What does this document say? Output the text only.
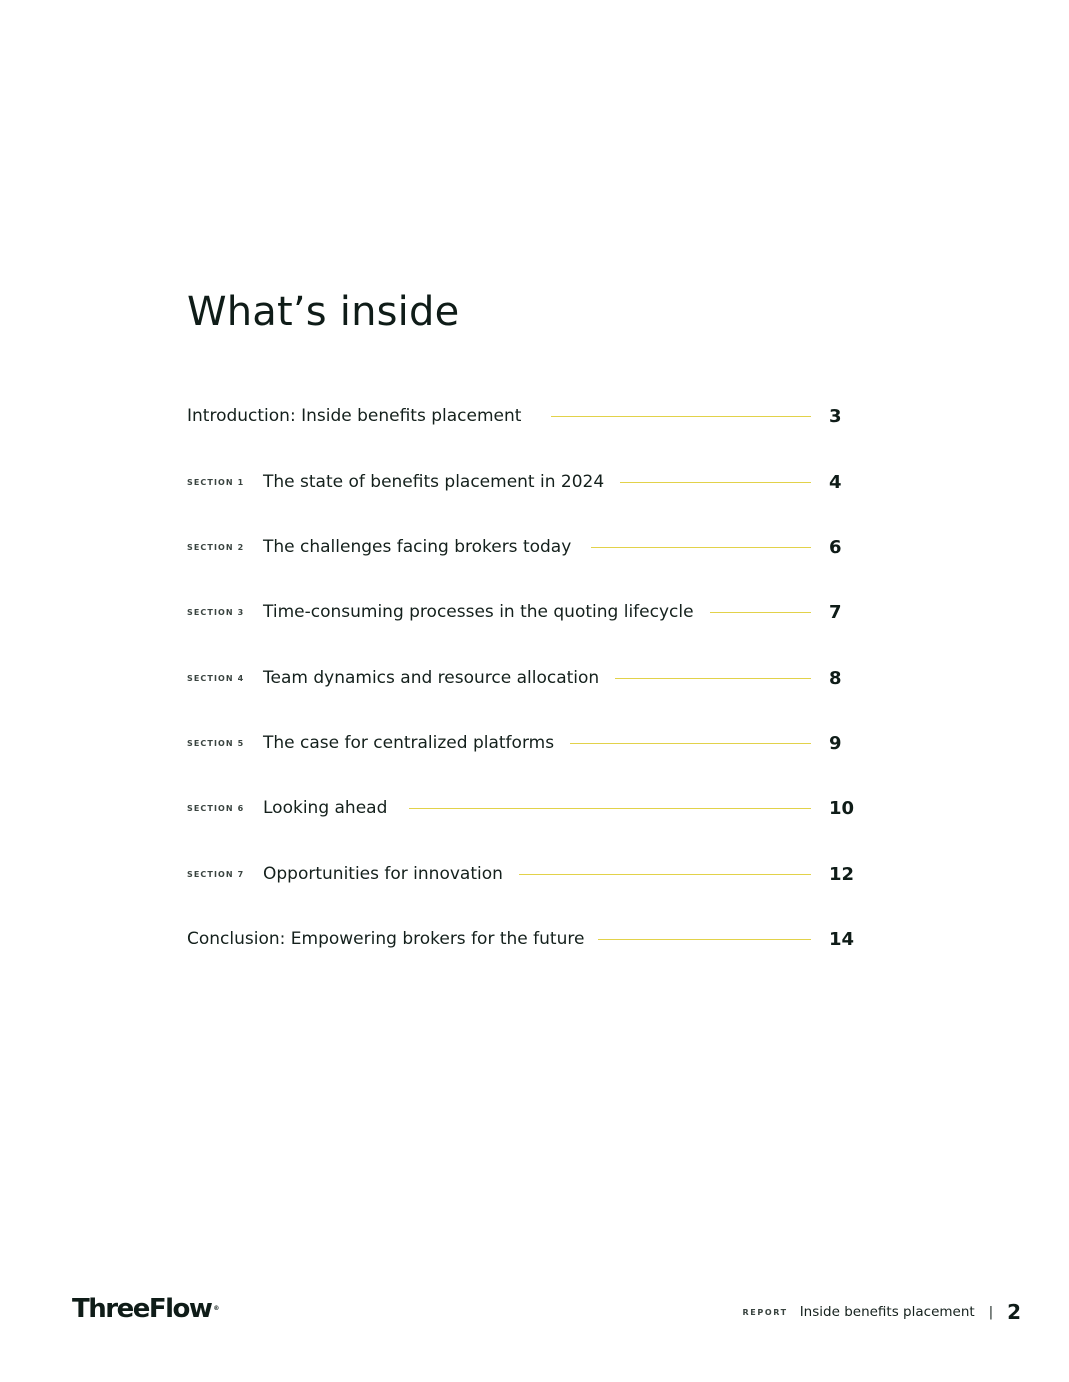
What’s inside
Introduction: Inside benefits placement	3
SECTION 1	The state of benefits placement in 2024	4
SECTION 2	The challenges facing brokers today	6
SECTION 3	Time-consuming processes in the quoting lifecycle	7
SECTION 4	Team dynamics and resource allocation	8
SECTION 5	The case for centralized platforms	9
SECTION 6	Looking ahead	10
SECTION 7	Opportunities for innovation	12
Conclusion: Empowering brokers for the future	14
ThreeFlow ®	REPORT Inside benefits placement | 2
